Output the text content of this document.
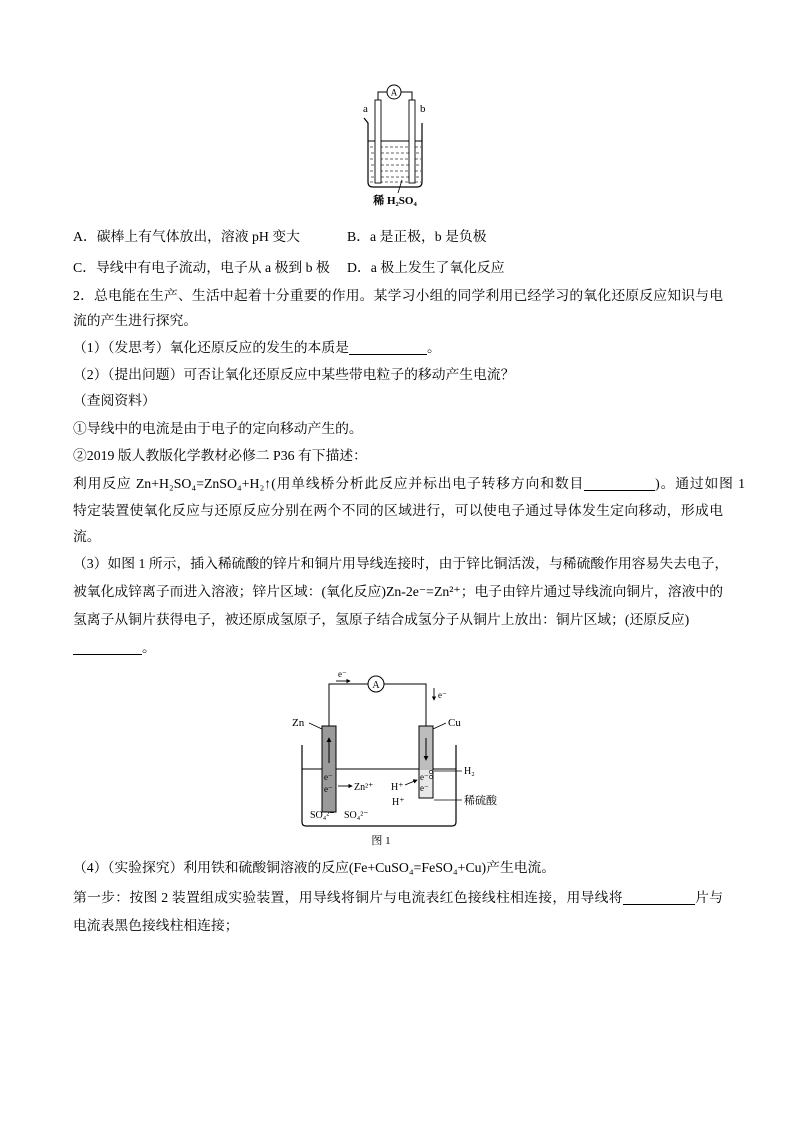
A
a	b
稀 H₂SO₄
A．碳棒上有气体放出，溶液 pH 变大	B．a 是正极，b 是负极
C．导线中有电子流动，电子从 a 极到 b 极 D．a 极上发生了氧化反应
2．总电能在生产、生活中起着十分重要的作用。某学习小组的同学利用已经学习的氧化还原反应知识与电
流的产生进行探究。
（1）（发思考）氧化还原反应的发生的本质是	。
（2）（提出问题）可否让氧化还原反应中某些带电粒子的移动产生电流？
（查阅资料）
①导线中的电流是由于电子的定向移动产生的。
②2019 版人教版化学教材必修二 P36 有下描述：
利用反应 Zn+H₂SO₄=ZnSO₄+H₂↑(用单线桥分析此反应并标出电子转移方向和数目	)。通过如图 1
特定装置使氧化反应与还原反应分别在两个不同的区域进行，可以使电子通过导体发生定向移动，形成电
流。
（3）如图 1 所示，插入稀硫酸的锌片和铜片用导线连接时，由于锌比铜活泼，与稀硫酸作用容易失去电子，
被氧化成锌离子而进入溶液；锌片区域：(氧化反应)Zn-2e⁻=Zn²⁺；电子由锌片通过导线流向铜片，溶液中的
氢离子从铜片获得电子，被还原成氢原子，氢原子结合成氢分子从铜片上放出：铜片区域；(还原反应)
。
A
e⁻
e⁻
e⁻
e⁻
e⁻
e⁻
Zn	Cu
Zn²⁺ H⁺
H⁺
SO₄²⁻ SO₄²⁻
H₂
稀硫酸
图 1
（4）（实验探究）利用铁和硫酸铜溶液的反应(Fe+CuSO₄=FeSO₄+Cu)产生电流。
第一步：按图 2 装置组成实验装置，用导线将铜片与电流表红色接线柱相连接，用导线将	片与
电流表黑色接线柱相连接；
